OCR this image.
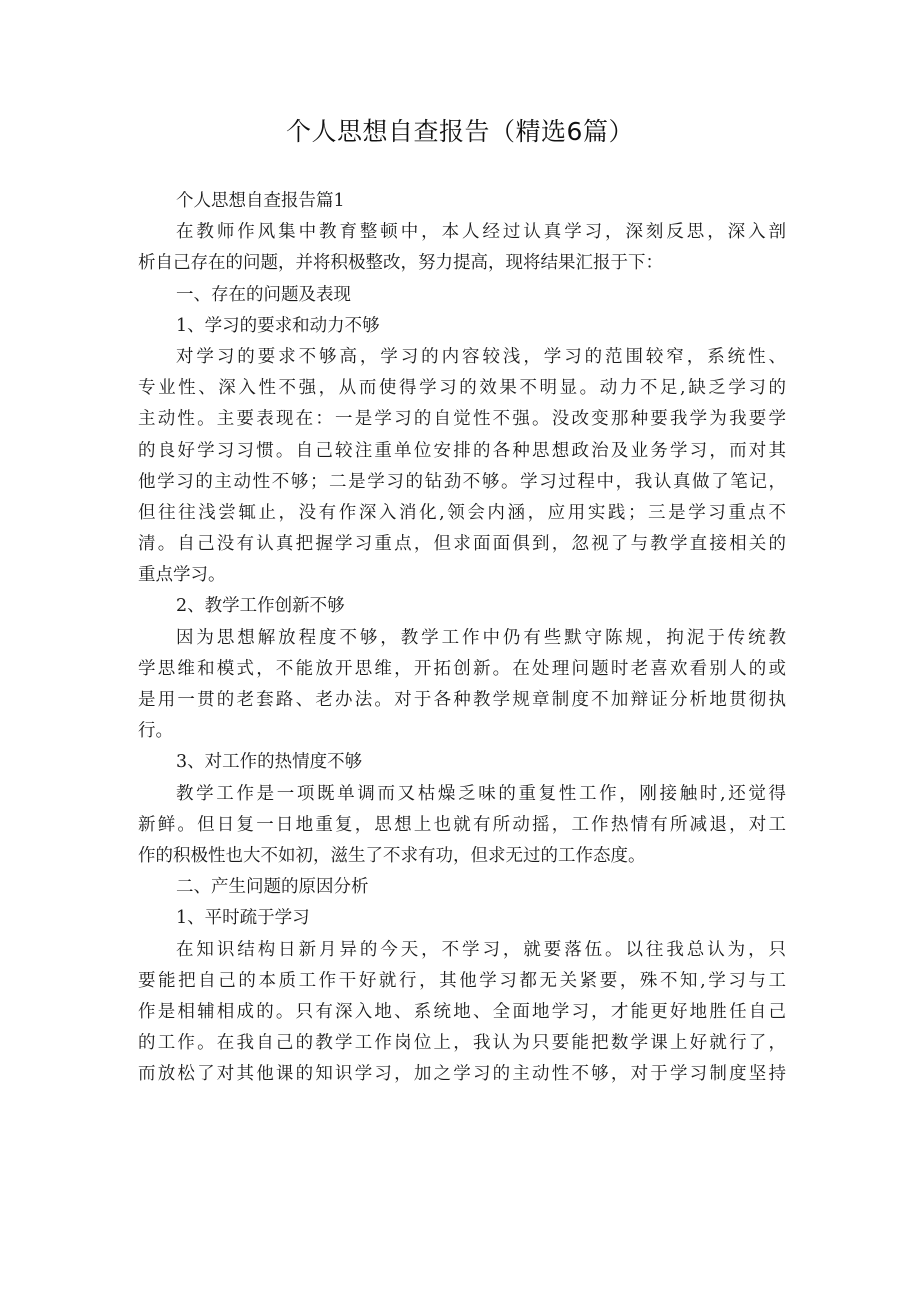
个人思想自查报告（精选6篇）
个人思想自查报告篇1
在教师作风集中教育整顿中，本人经过认真学习，深刻反思，深入剖
析自己存在的问题，并将积极整改，努力提高，现将结果汇报于下：
一、存在的问题及表现
1、学习的要求和动力不够
对学习的要求不够高，学习的内容较浅，学习的范围较窄，系统性、
专业性、深入性不强，从而使得学习的效果不明显。动力不足,缺乏学习的
主动性。主要表现在：一是学习的自觉性不强。没改变那种要我学为我要学
的良好学习习惯。自己较注重单位安排的各种思想政治及业务学习，而对其
他学习的主动性不够；二是学习的钻劲不够。学习过程中，我认真做了笔记，
但往往浅尝辄止，没有作深入消化,领会内涵，应用实践；三是学习重点不
清。自己没有认真把握学习重点，但求面面俱到，忽视了与教学直接相关的
重点学习。
2、教学工作创新不够
因为思想解放程度不够，教学工作中仍有些默守陈规，拘泥于传统教
学思维和模式，不能放开思维，开拓创新。在处理问题时老喜欢看别人的或
是用一贯的老套路、老办法。对于各种教学规章制度不加辩证分析地贯彻执
行。
3、对工作的热情度不够
教学工作是一项既单调而又枯燥乏味的重复性工作，刚接触时,还觉得
新鲜。但日复一日地重复，思想上也就有所动摇，工作热情有所减退，对工
作的积极性也大不如初，滋生了不求有功，但求无过的工作态度。
二、产生问题的原因分析
1、平时疏于学习
在知识结构日新月异的今天，不学习，就要落伍。以往我总认为，只
要能把自己的本质工作干好就行，其他学习都无关紧要，殊不知,学习与工
作是相辅相成的。只有深入地、系统地、全面地学习，才能更好地胜任自己
的工作。在我自己的教学工作岗位上，我认为只要能把数学课上好就行了，
而放松了对其他课的知识学习，加之学习的主动性不够，对于学习制度坚持
